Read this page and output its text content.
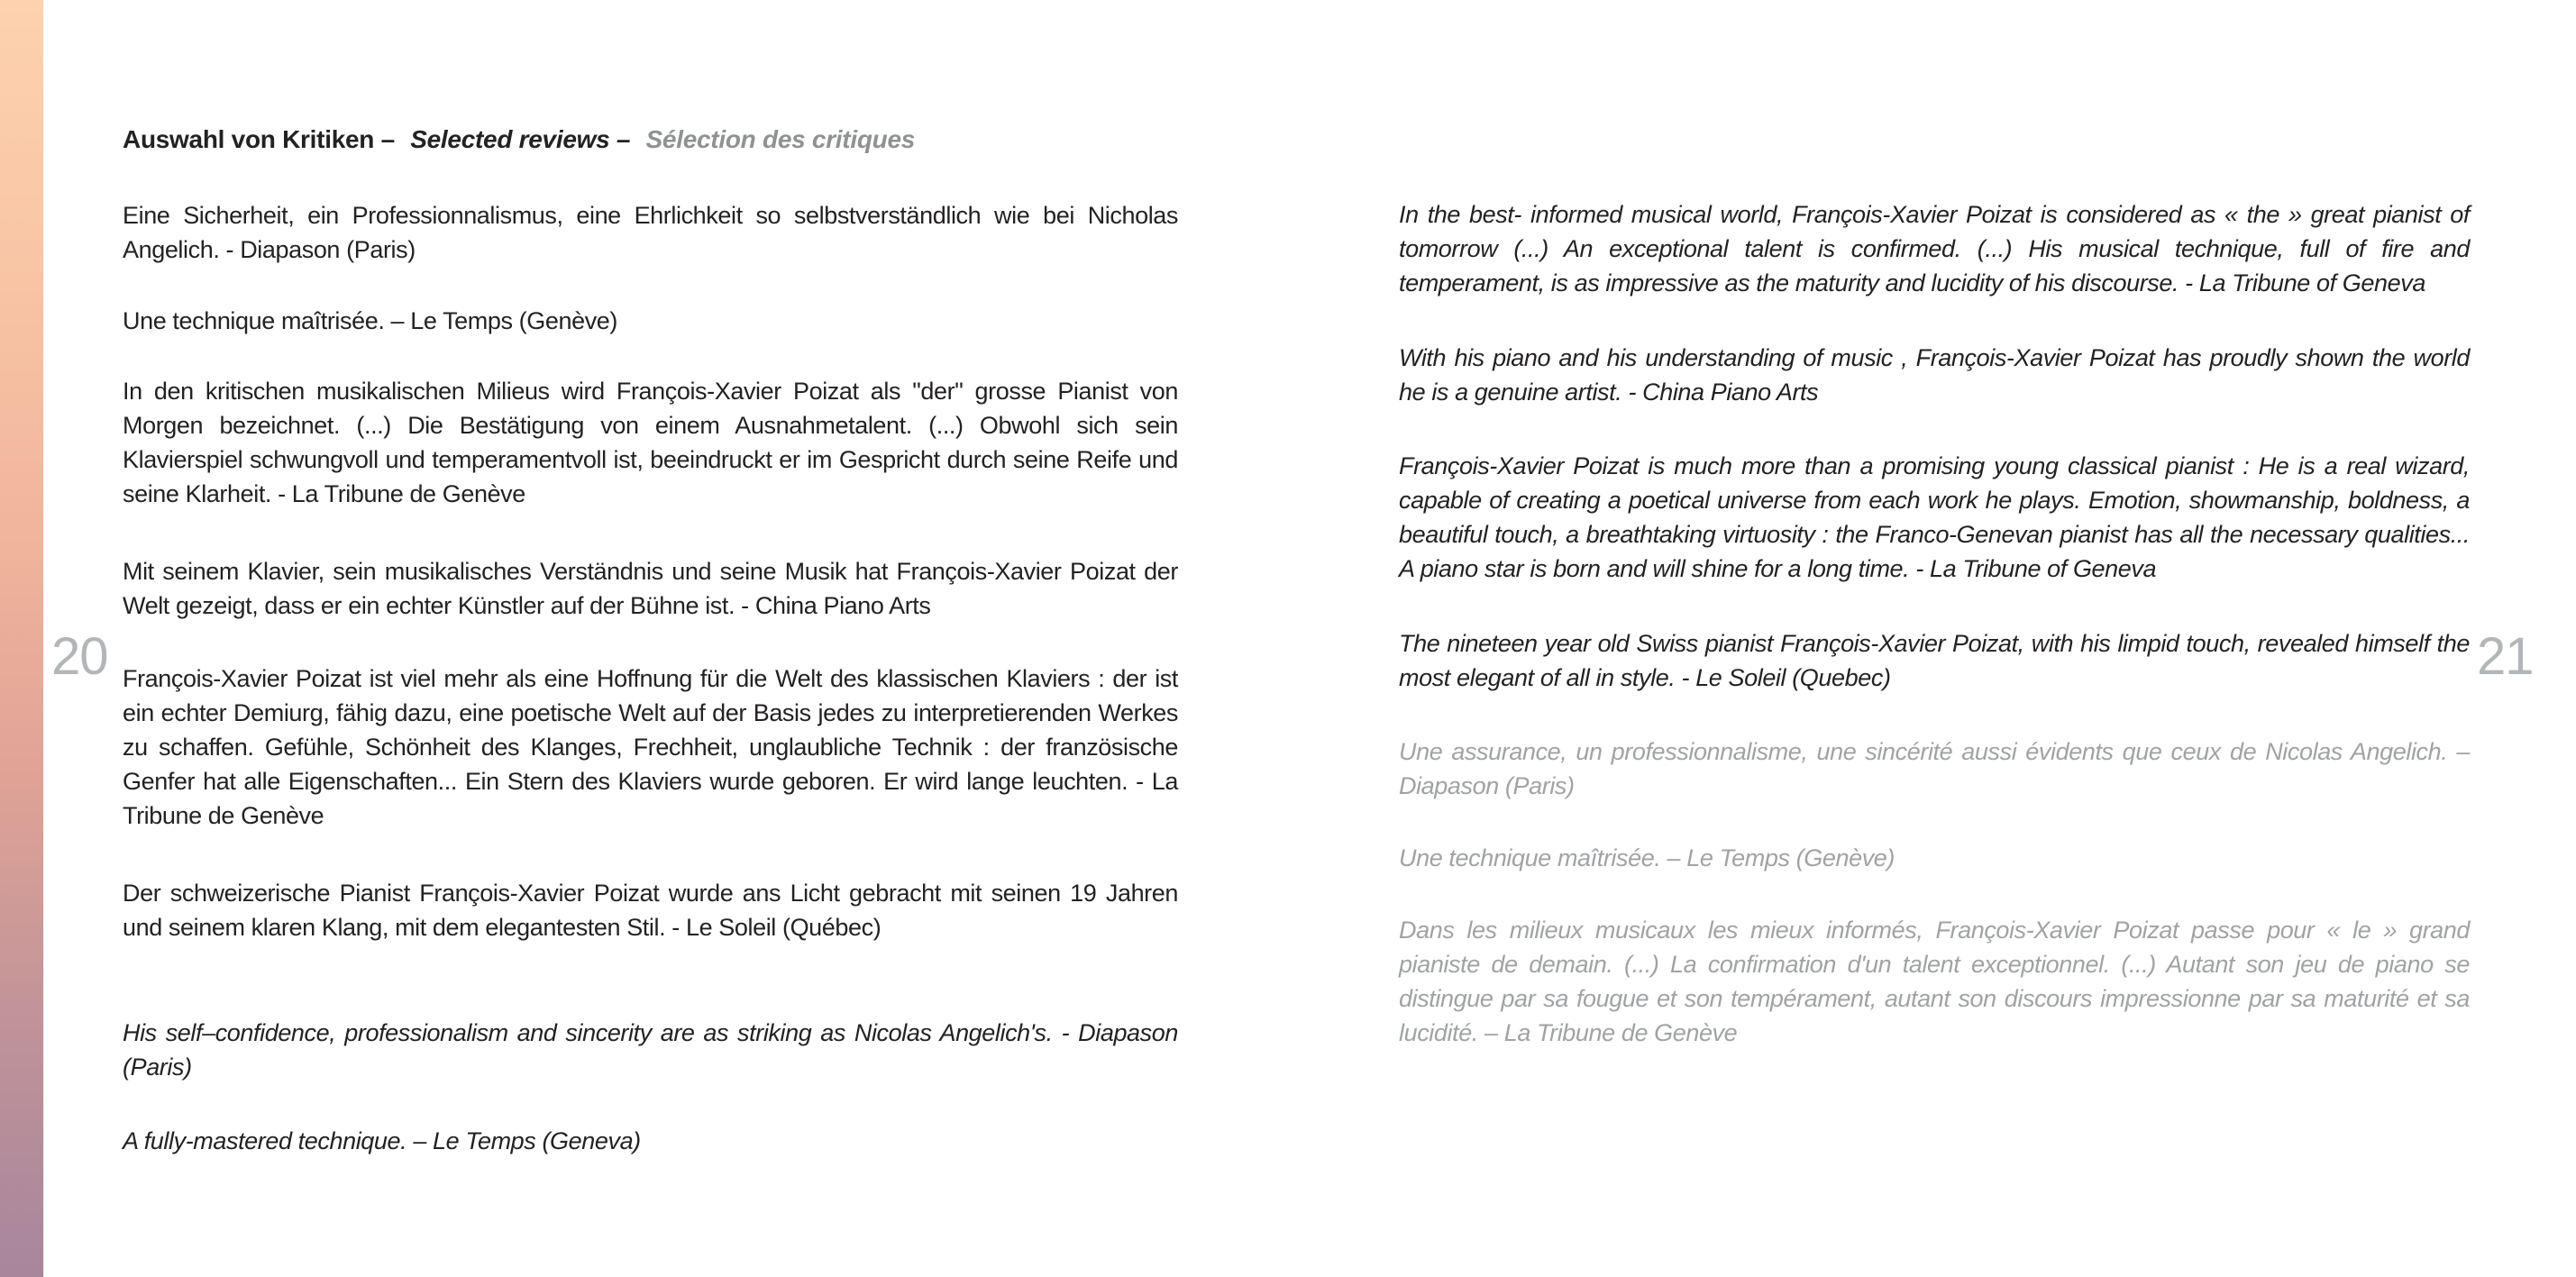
20	21
Auswahl von Kritiken – Selected reviews – Sélection des critiques

Eine Sicherheit, ein Professionnalismus, eine Ehrlichkeit so selbstverständlich wie bei Nicholas Angelich. - Diapason (Paris)

Une technique maîtrisée. – Le Temps (Genève)

In den kritischen musikalischen Milieus wird François-Xavier Poizat als "der" grosse Pianist von Morgen bezeichnet. (...) Die Bestätigung von einem Ausnahmetalent. (...) Obwohl sich sein Klavierspiel schwungvoll und temperamentvoll ist, beeindruckt er im Gespricht durch seine Reife und seine Klarheit. - La Tribune de Genève

Mit seinem Klavier, sein musikalisches Verständnis und seine Musik hat François-Xavier Poizat der Welt gezeigt, dass er ein echter Künstler auf der Bühne ist. - China Piano Arts

François-Xavier Poizat ist viel mehr als eine Hoffnung für die Welt des klassischen Klaviers : der ist ein echter Demiurg, fähig dazu, eine poetische Welt auf der Basis jedes zu interpretierenden Werkes zu schaffen. Gefühle, Schönheit des Klanges, Frechheit, unglaubliche Technik : der französische Genfer hat alle Eigenschaften... Ein Stern des Klaviers wurde geboren. Er wird lange leuchten. - La Tribune de Genève

Der schweizerische Pianist François-Xavier Poizat wurde ans Licht gebracht mit seinen 19 Jahren und seinem klaren Klang, mit dem elegantesten Stil. - Le Soleil (Québec)

His self–confidence, professionalism and sincerity are as striking as Nicolas Angelich's. - Diapason (Paris)

A fully-mastered technique. – Le Temps (Geneva)

In the best- informed musical world, François-Xavier Poizat is considered as « the » great pianist of tomorrow (...) An exceptional talent is confirmed. (...) His musical technique, full of fire and temperament, is as impressive as the maturity and lucidity of his discourse. - La Tribune of Geneva

With his piano and his understanding of music , François-Xavier Poizat has proudly shown the world he is a genuine artist. - China Piano Arts

François-Xavier Poizat is much more than a promising young classical pianist : He is a real wizard, capable of creating a poetical universe from each work he plays. Emotion, showmanship, boldness, a beautiful touch, a breathtaking virtuosity : the Franco-Genevan pianist has all the necessary qualities... A piano star is born and will shine for a long time. - La Tribune of Geneva

The nineteen year old Swiss pianist François-Xavier Poizat, with his limpid touch, revealed himself the most elegant of all in style. - Le Soleil (Quebec)

Une assurance, un professionnalisme, une sincérité aussi évidents que ceux de Nicolas Angelich. – Diapason (Paris)

Une technique maîtrisée. – Le Temps (Genève)

Dans les milieux musicaux les mieux informés, François-Xavier Poizat passe pour « le » grand pianiste de demain. (...) La confirmation d'un talent exceptionnel. (...) Autant son jeu de piano se distingue par sa fougue et son tempérament, autant son discours impressionne par sa maturité et sa lucidité. – La Tribune de Genève
